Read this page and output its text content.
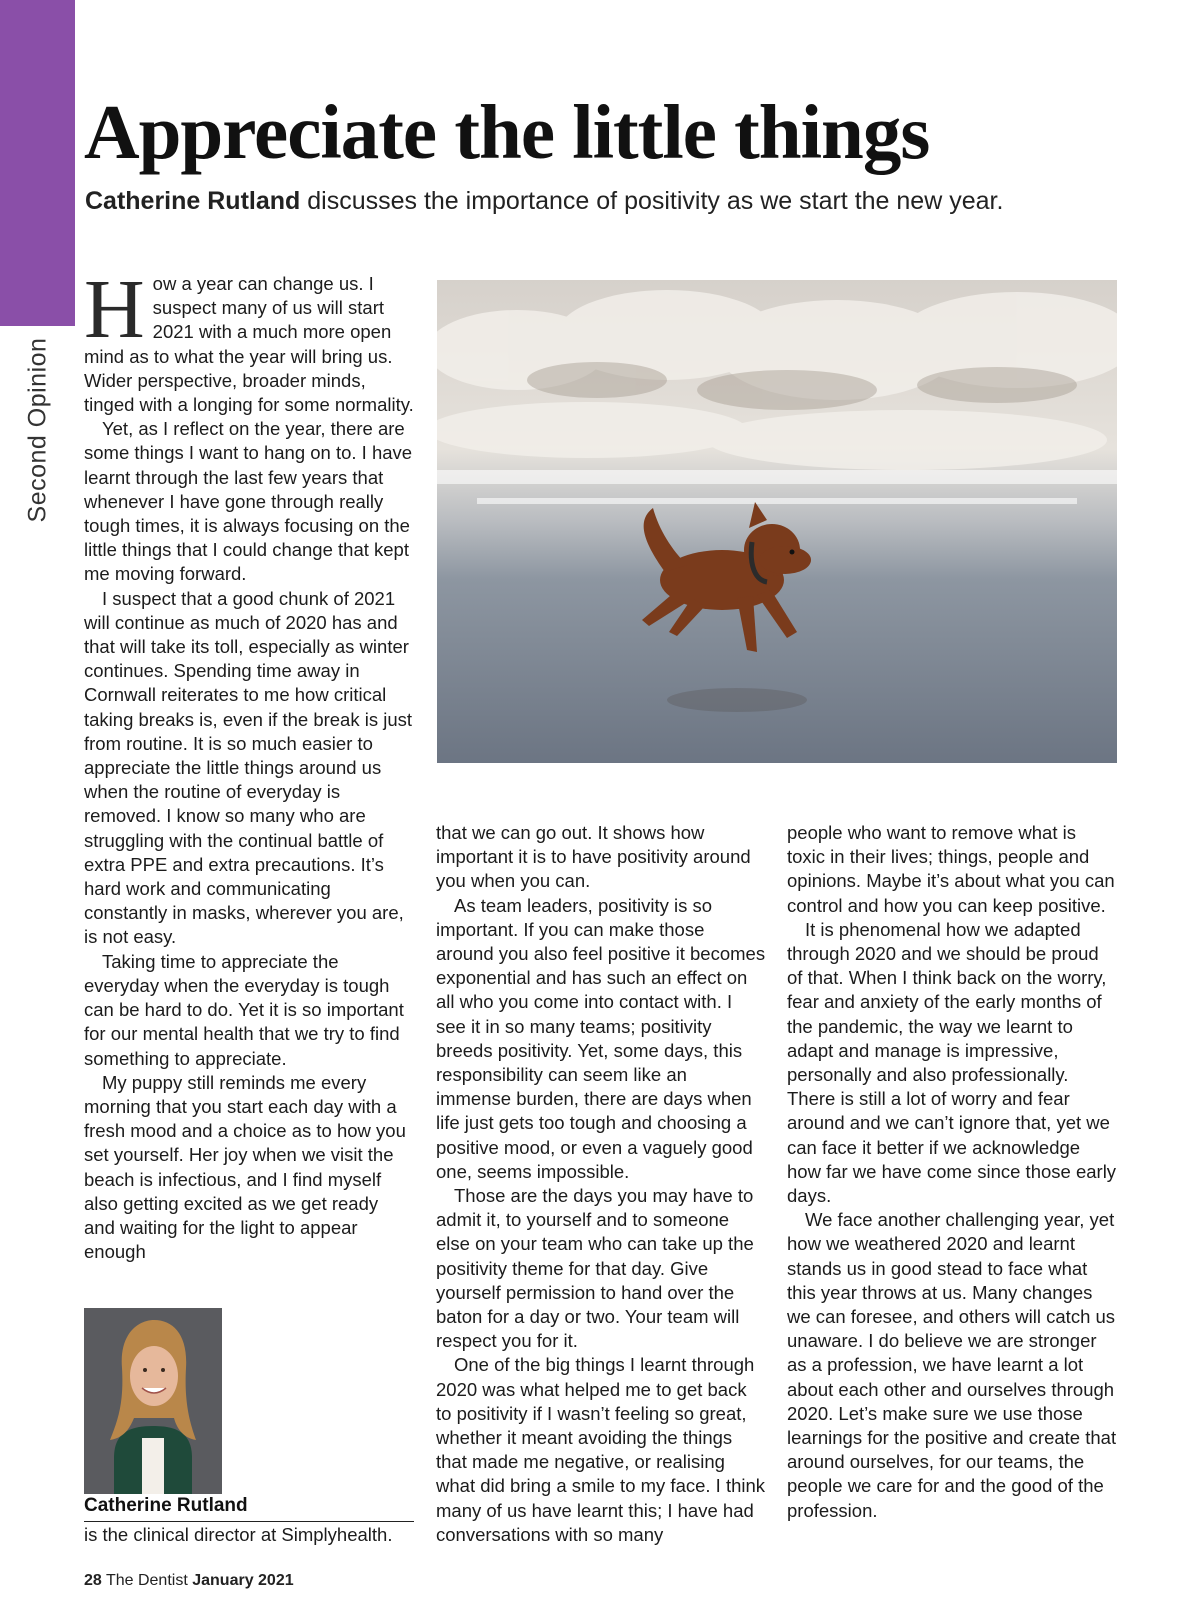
Second Opinion
Appreciate the little things

Catherine Rutland discusses the importance of positivity as we start the new year.

H ow a year can change us. I suspect many of us will start 2021 with a much more open mind as to what the year will bring us. Wider perspective, broader minds, tinged with a longing for some normality.

Yet, as I reflect on the year, there are some things I want to hang on to. I have learnt through the last few years that whenever I have gone through really tough times, it is always focusing on the little things that I could change that kept me moving forward.

I suspect that a good chunk of 2021 will continue as much of 2020 has and that will take its toll, especially as winter continues. Spending time away in Cornwall reiterates to me how critical taking breaks is, even if the break is just from routine. It is so much easier to appreciate the little things around us when the routine of everyday is removed. I know so many who are struggling with the continual battle of extra PPE and extra precautions. It’s hard work and communicating constantly in masks, wherever you are, is not easy.

Taking time to appreciate the everyday when the everyday is tough can be hard to do. Yet it is so important for our mental health that we try to find something to appreciate.

My puppy still reminds me every morning that you start each day with a fresh mood and a choice as to how you set yourself. Her joy when we visit the beach is infectious, and I find myself also getting excited as we get ready and waiting for the light to appear enough

that we can go out. It shows how important it is to have positivity around you when you can.

As team leaders, positivity is so important. If you can make those around you also feel positive it becomes exponential and has such an effect on all who you come into contact with. I see it in so many teams; positivity breeds positivity. Yet, some days, this responsibility can seem like an immense burden, there are days when life just gets too tough and choosing a positive mood, or even a vaguely good one, seems impossible.

Those are the days you may have to admit it, to yourself and to someone else on your team who can take up the positivity theme for that day. Give yourself permission to hand over the baton for a day or two. Your team will respect you for it.

One of the big things I learnt through 2020 was what helped me to get back to positivity if I wasn’t feeling so great, whether it meant avoiding the things that made me negative, or realising what did bring a smile to my face. I think many of us have learnt this; I have had conversations with so many

people who want to remove what is toxic in their lives; things, people and opinions. Maybe it’s about what you can control and how you can keep positive.

It is phenomenal how we adapted through 2020 and we should be proud of that. When I think back on the worry, fear and anxiety of the early months of the pandemic, the way we learnt to adapt and manage is impressive, personally and also professionally. There is still a lot of worry and fear around and we can’t ignore that, yet we can face it better if we acknowledge how far we have come since those early days.

We face another challenging year, yet how we weathered 2020 and learnt stands us in good stead to face what this year throws at us. Many changes we can foresee, and others will catch us unaware. I do believe we are stronger as a profession, we have learnt a lot about each other and ourselves through 2020. Let’s make sure we use those learnings for the positive and create that around ourselves, for our teams, the people we care for and the good of the profession.

Catherine Rutland
is the clinical director at Simplyhealth.
28 The Dentist January 2021
